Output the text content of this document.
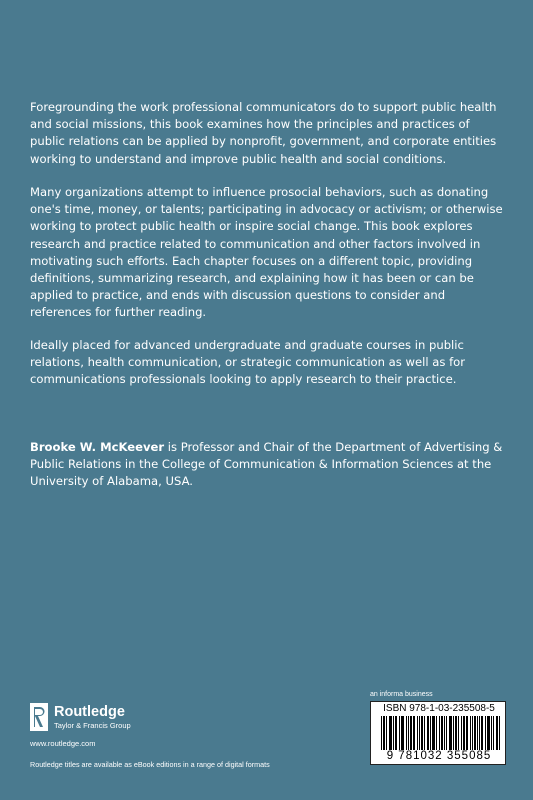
Foregrounding the work professional communicators do to support public health and social missions, this book examines how the principles and practices of public relations can be applied by nonprofit, government, and corporate entities working to understand and improve public health and social conditions.

Many organizations attempt to influence prosocial behaviors, such as donating one's time, money, or talents; participating in advocacy or activism; or otherwise working to protect public health or inspire social change. This book explores research and practice related to communication and other factors involved in motivating such efforts. Each chapter focuses on a different topic, providing definitions, summarizing research, and explaining how it has been or can be applied to practice, and ends with discussion questions to consider and references for further reading.

Ideally placed for advanced undergraduate and graduate courses in public relations, health communication, or strategic communication as well as for communications professionals looking to apply research to their practice.

Brooke W. McKeever is Professor and Chair of the Department of Advertising & Public Relations in the College of Communication & Information Sciences at the University of Alabama, USA.

Routledge
Taylor & Francis Group
www.routledge.com
Routledge titles are available as eBook editions in a range of digital formats
an informa business
ISBN 978-1-03-235508-5
9 781032 355085
